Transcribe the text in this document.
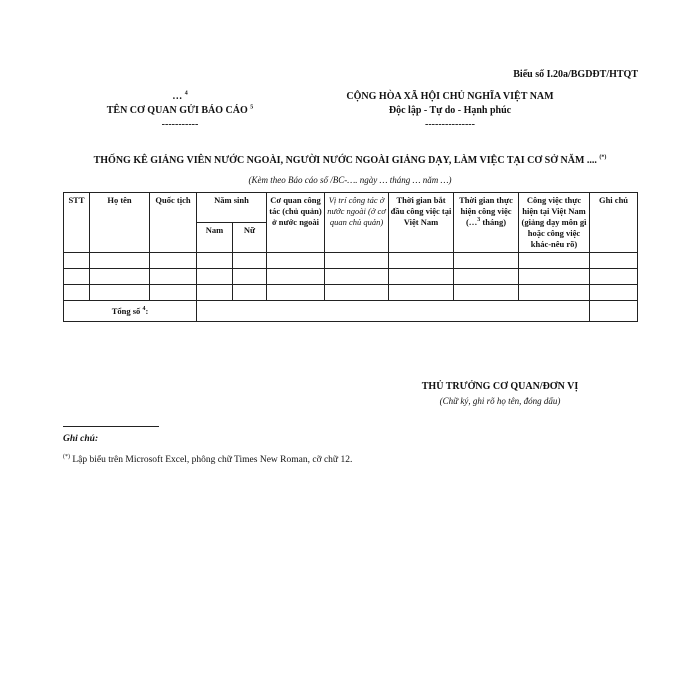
Biểu số I.20a/BGDĐT/HTQT
… $^4$
TÊN CƠ QUAN GỬI BÁO CÁO $^5$
-----------
CỘNG HÒA XÃ HỘI CHỦ NGHĨA VIỆT NAM
Độc lập - Tự do - Hạnh phúc
---------------
THỐNG KÊ GIẢNG VIÊN NƯỚC NGOÀI, NGƯỜI NƯỚC NGOÀI GIẢNG DẠY, LÀM VIỆC TẠI CƠ SỞ NĂM .... (*)
(Kèm theo Báo cáo số /BC-…. ngày … tháng … năm …)
STT	Họ tên	Quốc tịch	Năm sinh		Cơ quan công tác (chủ quản) ở nước ngoài	Vị trí công tác ở nước ngoài (ở cơ quan chủ quản)	Thời gian bắt đầu công việc tại Việt Nam	Thời gian thực hiện công việc (…$^3$ tháng)	Công việc thực hiện tại Việt Nam (giảng dạy môn gì hoặc công việc khác-nêu rõ)	Ghi chú
			Nam	Nữ						

Tổng số $^4$:										
THỦ TRƯỞNG CƠ QUAN/ĐƠN VỊ
(Chữ ký, ghi rõ họ tên, đóng dấu)
Ghi chú:
(*) Lập biểu trên Microsoft Excel, phông chữ Times New Roman, cỡ chữ 12.
